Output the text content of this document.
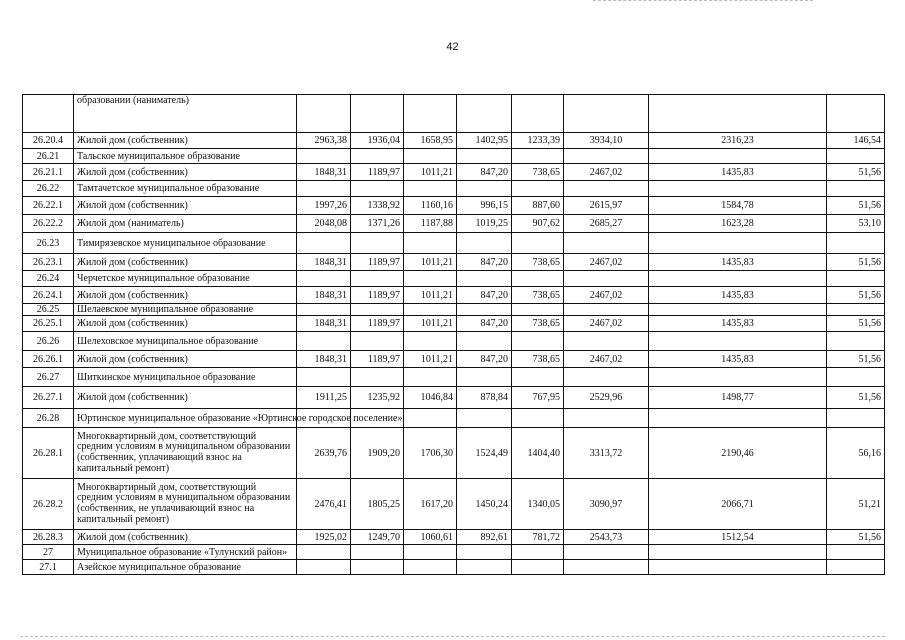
42
	образовании (наниматель)								
26.20.4	Жилой дом (собственник)	2963,38	1936,04	1658,95	1402,95	1233,39	3934,10	2316,23	146,54
26.21	Тальское муниципальное образование								
26.21.1	Жилой дом (собственник)	1848,31	1189,97	1011,21	847,20	738,65	2467,02	1435,83	51,56
26.22	Тамтачетское муниципальное образование								
26.22.1	Жилой дом (собственник)	1997,26	1338,92	1160,16	996,15	887,60	2615,97	1584,78	51,56
26.22.2	Жилой дом (наниматель)	2048,08	1371,26	1187,88	1019,25	907,62	2685,27	1623,28	53,10
26.23	Тимирязевское муниципальное образование								
26.23.1	Жилой дом (собственник)	1848,31	1189,97	1011,21	847,20	738,65	2467,02	1435,83	51,56
26.24	Черчетское муниципальное образование								
26.24.1	Жилой дом (собственник)	1848,31	1189,97	1011,21	847,20	738,65	2467,02	1435,83	51,56
26.25	Шелаевское муниципальное образование								
26.25.1	Жилой дом (собственник)	1848,31	1189,97	1011,21	847,20	738,65	2467,02	1435,83	51,56
26.26	Шелеховское муниципальное образование								
26.26.1	Жилой дом (собственник)	1848,31	1189,97	1011,21	847,20	738,65	2467,02	1435,83	51,56
26.27	Шиткинское муниципальное образование								
26.27.1	Жилой дом (собственник)	1911,25	1235,92	1046,84	878,84	767,95	2529,96	1498,77	51,56
26.28	Юртинское муниципальное образование «Юртинское городское поселение»								
26.28.1	Многоквартирный дом, соответствующий средним условиям в муниципальном образовании (собственник, уплачивающий взнос на капитальный ремонт)	2639,76	1909,20	1706,30	1524,49	1404,40	3313,72	2190,46	56,16
26.28.2	Многоквартирный дом, соответствующий средним условиям в муниципальном образовании (собственник, не уплачивающий взнос на капитальный ремонт)	2476,41	1805,25	1617,20	1450,24	1340,05	3090,97	2066,71	51,21
26.28.3	Жилой дом (собственник)	1925,02	1249,70	1060,61	892,61	781,72	2543,73	1512,54	51,56
27	Муниципальное образование «Тулунский район»								
27.1	Азейское муниципальное образование								
